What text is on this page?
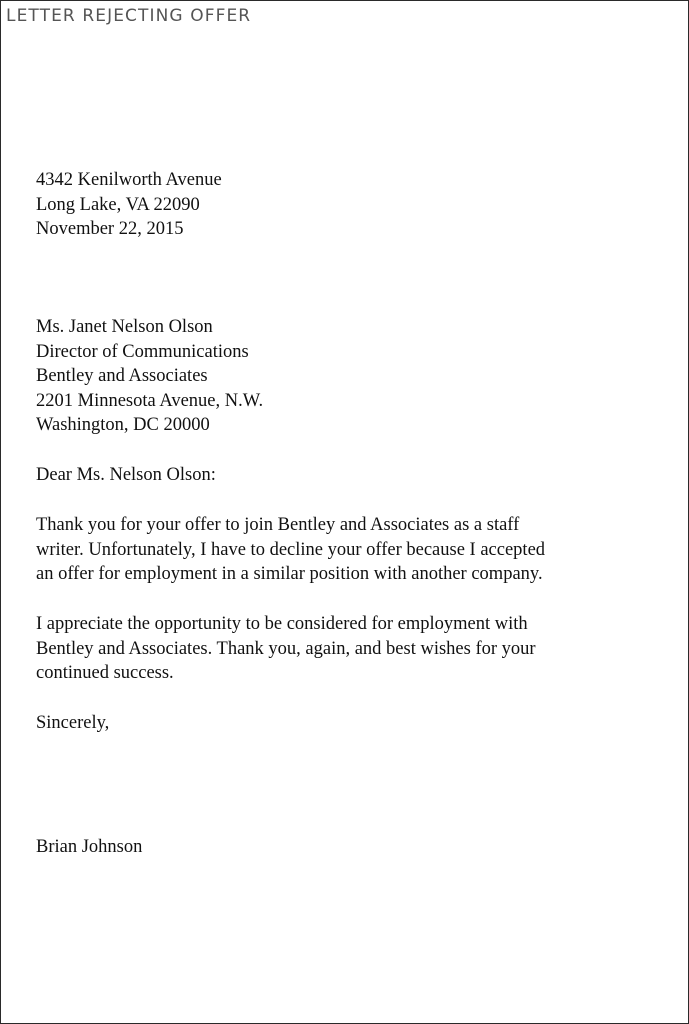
LETTER REJECTING OFFER
4342 Kenilworth Avenue
Long Lake, VA 22090
November 22, 2015
Ms. Janet Nelson Olson
Director of Communications
Bentley and Associates
2201 Minnesota Avenue, N.W.
Washington, DC 20000
Dear Ms. Nelson Olson:
Thank you for your offer to join Bentley and Associates as a staff
writer. Unfortunately, I have to decline your offer because I accepted
an offer for employment in a similar position with another company.
I appreciate the opportunity to be considered for employment with
Bentley and Associates. Thank you, again, and best wishes for your
continued success.
Sincerely,
Brian Johnson
